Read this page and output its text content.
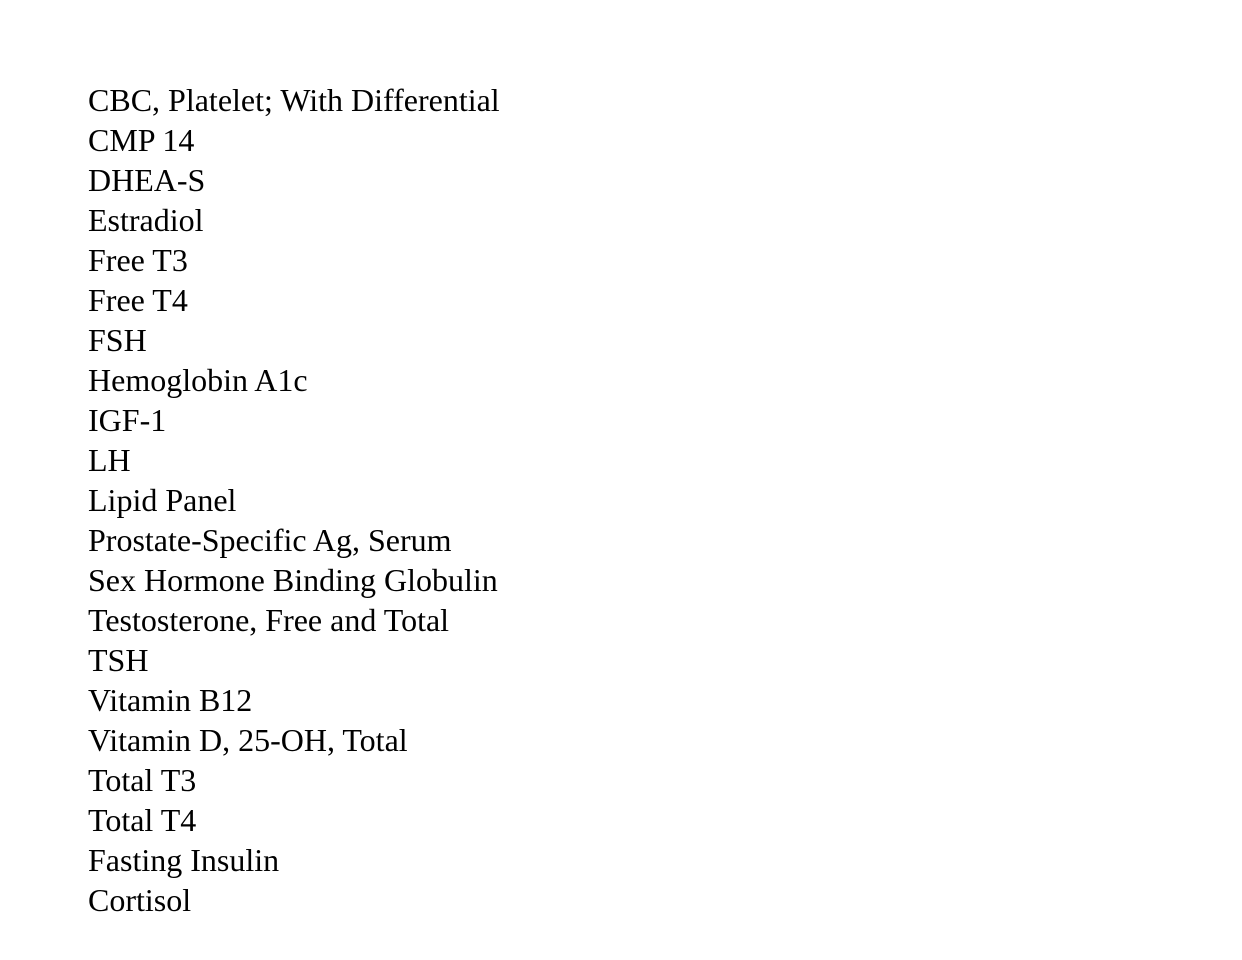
CBC, Platelet; With Differential
CMP 14
DHEA-S
Estradiol
Free T3
Free T4
FSH
Hemoglobin A1c
IGF-1
LH
Lipid Panel
Prostate-Specific Ag, Serum
Sex Hormone Binding Globulin
Testosterone, Free and Total
TSH
Vitamin B12
Vitamin D, 25-OH, Total
Total T3
Total T4
Fasting Insulin
Cortisol
